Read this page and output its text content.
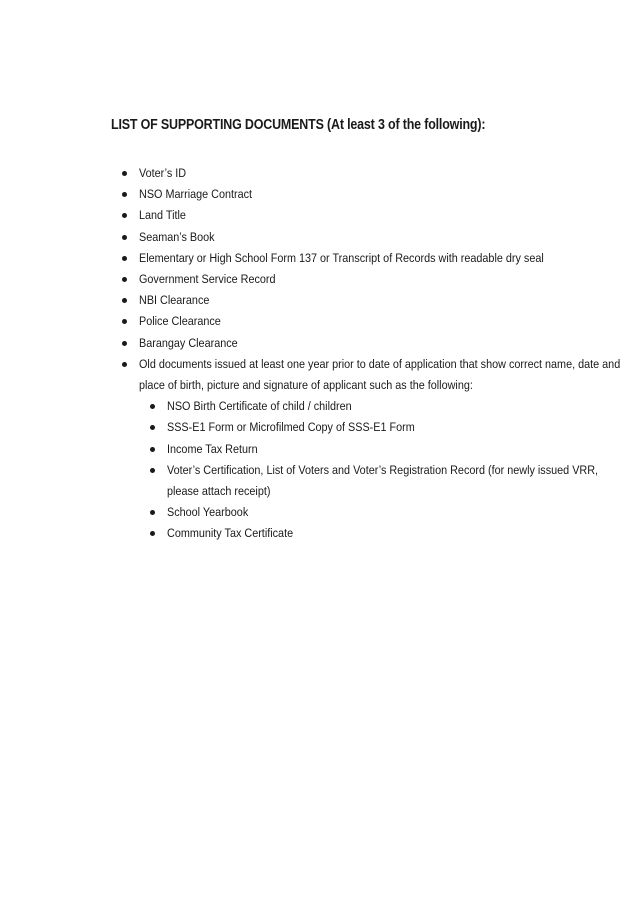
LIST OF SUPPORTING DOCUMENTS (At least 3 of the following):
Voter’s ID
NSO Marriage Contract
Land Title
Seaman’s Book
Elementary or High School Form 137 or Transcript of Records with readable dry seal
Government Service Record
NBI Clearance
Police Clearance
Barangay Clearance
Old documents issued at least one year prior to date of application that show correct name, date and place of birth, picture and signature of applicant such as the following:
NSO Birth Certificate of child / children
SSS-E1 Form or Microfilmed Copy of SSS-E1 Form
Income Tax Return
Voter’s Certification, List of Voters and Voter’s Registration Record (for newly issued VRR, please attach receipt)
School Yearbook
Community Tax Certificate
